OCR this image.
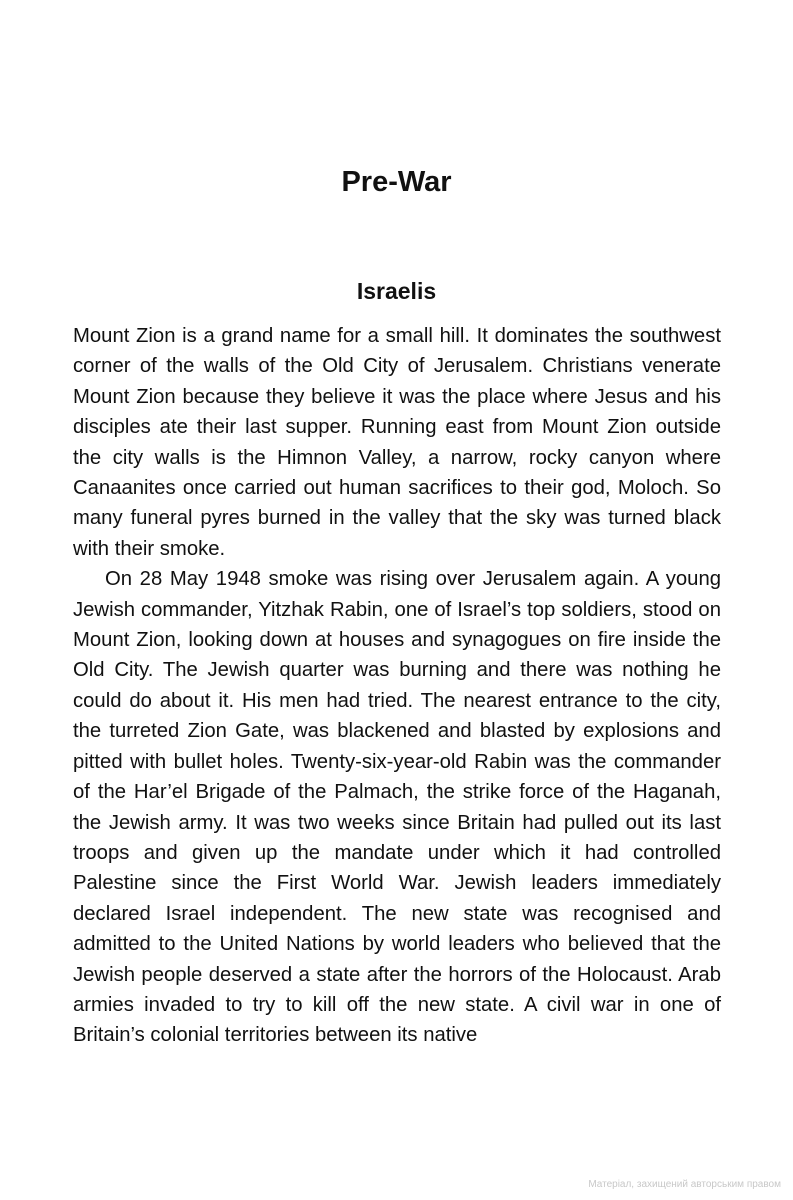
Pre-War
Israelis

Mount Zion is a grand name for a small hill. It dominates the southwest corner of the walls of the Old City of Jerusalem. Christians venerate Mount Zion because they believe it was the place where Jesus and his disciples ate their last supper. Running east from Mount Zion outside the city walls is the Himnon Valley, a narrow, rocky canyon where Canaanites once carried out human sacrifices to their god, Moloch. So many funeral pyres burned in the valley that the sky was turned black with their smoke.

On 28 May 1948 smoke was rising over Jerusalem again. A young Jewish commander, Yitzhak Rabin, one of Israel’s top soldiers, stood on Mount Zion, looking down at houses and synagogues on fire inside the Old City. The Jewish quarter was burning and there was nothing he could do about it. His men had tried. The nearest entrance to the city, the turreted Zion Gate, was blackened and blasted by explosions and pitted with bullet holes. Twenty-six-year-old Rabin was the commander of the Har’el Brigade of the Palmach, the strike force of the Haganah, the Jewish army. It was two weeks since Britain had pulled out its last troops and given up the mandate under which it had controlled Palestine since the First World War. Jewish leaders immediately declared Israel independent. The new state was recognised and admitted to the United Nations by world leaders who believed that the Jewish people deserved a state after the horrors of the Holocaust. Arab armies invaded to try to kill off the new state. A civil war in one of Britain’s colonial territories between its native

Матеріал, захищений авторським правом
